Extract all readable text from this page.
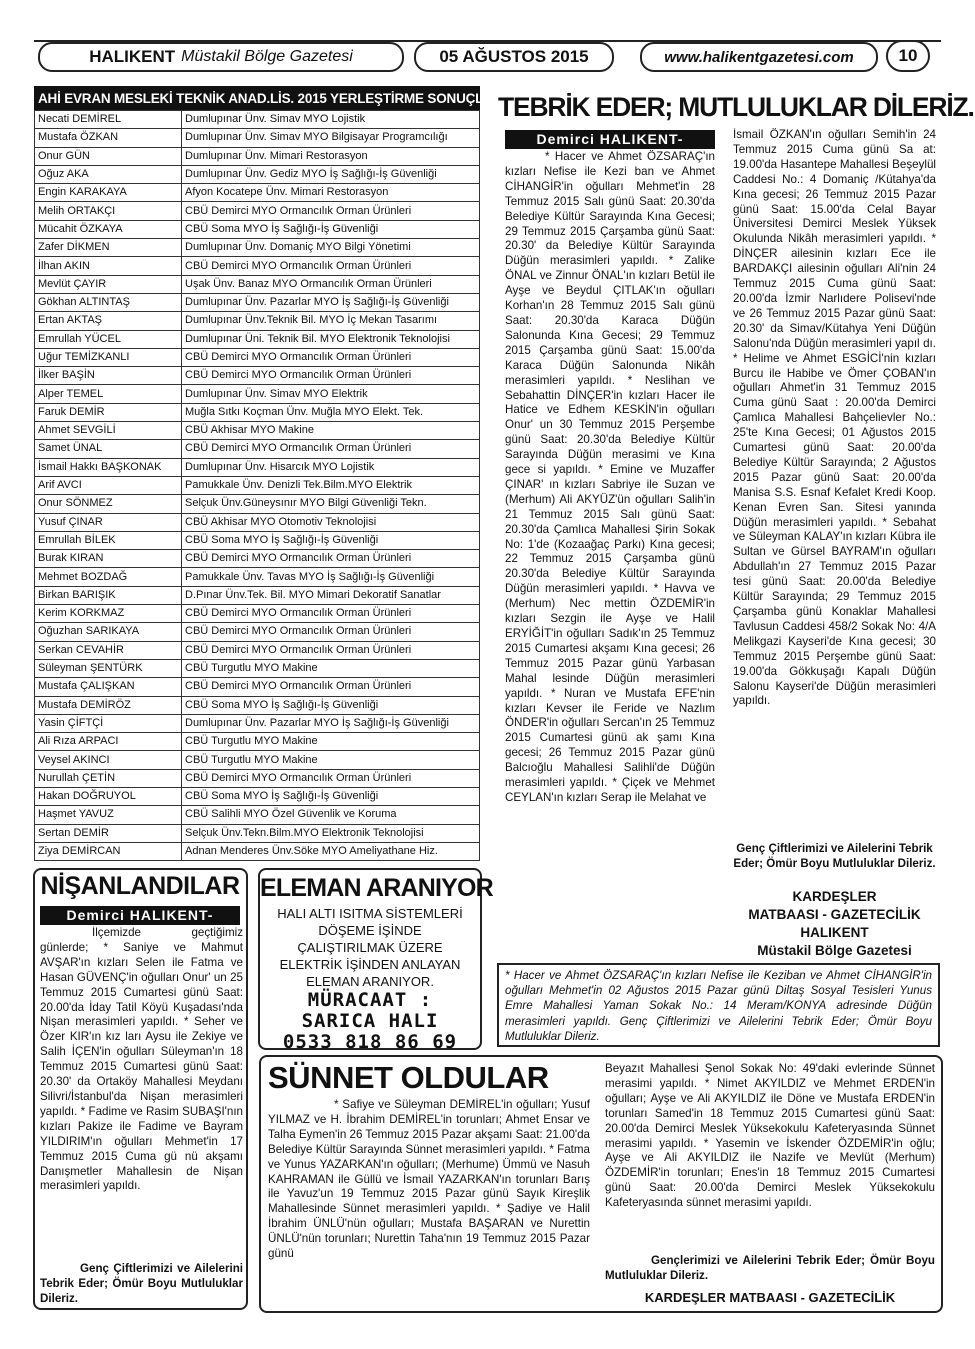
HALIKENT Müstakil Bölge Gazetesi	05 AĞUSTOS 2015	www.halikentgazetesi.com	10
AHİ EVRAN MESLEKİ TEKNİK ANAD.LİS. 2015 YERLEŞTİRME SONUÇLARI
Necati DEMİREL	Dumlupınar Ünv. Simav MYO Lojistik
Mustafa ÖZKAN	Dumlupınar Ünv. Simav MYO Bilgisayar Programcılığı
Onur GÜN	Dumlupınar Ünv. Mimari Restorasyon
Oğuz AKA	Dumlupınar Ünv. Gediz MYO İş Sağlığı-İş Güvenliği
Engin KARAKAYA	Afyon Kocatepe Ünv. Mimari Restorasyon
Melih ORTAKÇI	CBÜ Demirci MYO Ormancılık Orman Ürünleri
Mücahit ÖZKAYA	CBÜ Soma MYO İş Sağlığı-İş Güvenliği
Zafer DİKMEN	Dumlupınar Ünv. Domaniç MYO Bilgi Yönetimi
İlhan AKIN	CBÜ Demirci MYO Ormancılık Orman Ürünleri
Mevlüt ÇAYIR	Uşak Ünv. Banaz MYO Ormancılık Orman Ürünleri
Gökhan ALTINTAŞ	Dumlupınar Ünv. Pazarlar MYO İş Sağlığı-İş Güvenliği
Ertan AKTAŞ	Dumlupınar Ünv.Teknik Bil. MYO İç Mekan Tasarımı
Emrullah YÜCEL	Dumlupınar Üni. Teknik Bil. MYO Elektronik Teknolojisi
Uğur TEMİZKANLI	CBÜ Demirci MYO Ormancılık Orman Ürünleri
İlker BAŞİN	CBÜ Demirci MYO Ormancılık Orman Ürünleri
Alper TEMEL	Dumlupınar Ünv. Simav MYO Elektrik
Faruk DEMİR	Muğla Sıtkı Koçman Ünv. Muğla MYO Elekt. Tek.
Ahmet SEVGİLİ	CBÜ Akhisar MYO Makine
Samet ÜNAL	CBÜ Demirci MYO Ormancılık Orman Ürünleri
İsmail Hakkı BAŞKONAK	Dumlupınar Ünv. Hisarcık MYO Lojistik
Arif AVCI	Pamukkale Ünv. Denizli Tek.Bilm.MYO Elektrik
Onur SÖNMEZ	Selçuk Ünv.Güneysınır MYO Bilgi Güvenliği Tekn.
Yusuf ÇINAR	CBÜ Akhisar MYO Otomotiv Teknolojisi
Emrullah BİLEK	CBÜ Soma MYO İş Sağlığı-İş Güvenliği
Burak KIRAN	CBÜ Demirci MYO Ormancılık Orman Ürünleri
Mehmet BOZDAĞ	Pamukkale Ünv. Tavas MYO İş Sağlığı-İş Güvenliği
Birkan BARIŞIK	D.Pınar Ünv.Tek. Bil. MYO Mimari Dekoratif Sanatlar
Kerim KORKMAZ	CBÜ Demirci MYO Ormancılık Orman Ürünleri
Oğuzhan SARIKAYA	CBÜ Demirci MYO Ormancılık Orman Ürünleri
Serkan CEVAHİR	CBÜ Demirci MYO Ormancılık Orman Ürünleri
Süleyman ŞENTÜRK	CBÜ Turgutlu MYO Makine
Mustafa ÇALIŞKAN	CBÜ Demirci MYO Ormancılık Orman Ürünleri
Mustafa DEMİRÖZ	CBÜ Soma MYO İş Sağlığı-İş Güvenliği
Yasin ÇİFTÇİ	Dumlupınar Ünv. Pazarlar MYO İş Sağlığı-İş Güvenliği
Ali Rıza ARPACI	CBÜ Turgutlu MYO Makine
Veysel AKINCI	CBÜ Turgutlu MYO Makine
Nurullah ÇETİN	CBÜ Demirci MYO Ormancılık Orman Ürünleri
Hakan DOĞRUYOL	CBÜ Soma MYO İş Sağlığı-İş Güvenliği
Haşmet YAVUZ	CBÜ Salihli MYO Özel Güvenlik ve Koruma
Sertan DEMİR	Selçuk Ünv.Tekn.Bilm.MYO Elektronik Teknolojisi
Ziya DEMİRCAN	Adnan Menderes Ünv.Söke MYO Ameliyathane Hiz.
TEBRİK EDER; MUTLULUKLAR DİLERİZ.
Demirci HALIKENT-
* Hacer ve Ahmet ÖZSARAÇ'ın kızları Nefise ile Kezi ban ve Ahmet CİHANGİR'in oğulları Mehmet'in 28 Temmuz 2015 Salı günü Saat: 20.30'da Belediye Kültür Sarayında Kına Gecesi; 29 Temmuz 2015 Çarşamba günü Saat: 20.30' da Belediye Kültür Sarayında Düğün merasimleri yapıldı. * Zalike ÖNAL ve Zinnur ÖNAL'ın kızları Betül ile Ayşe ve Beydul ÇITLAK'ın oğulları Korhan'ın 28 Temmuz 2015 Salı günü Saat: 20.30'da Karaca Düğün Salonunda Kına Gecesi; 29 Temmuz 2015 Çarşamba günü Saat: 15.00'da Karaca Düğün Salonunda Nikâh merasimleri yapıldı. * Neslihan ve Sebahattin DİNÇER'in kızları Hacer ile Hatice ve Edhem KESKİN'in oğulları Onur' un 30 Temmuz 2015 Perşembe günü Saat: 20.30'da Belediye Kültür Sarayında Düğün merasimi ve Kına gece si yapıldı. * Emine ve Muzaffer ÇINAR' ın kızları Sabriye ile Suzan ve (Merhum) Ali AKYÜZ'ün oğulları Salih'in 21 Temmuz 2015 Salı günü Saat: 20.30'da Çamlıca Mahallesi Şirin Sokak No: 1'de (Kozaağaç Parkı) Kına gecesi; 22 Temmuz 2015 Çarşamba günü 20.30'da Belediye Kültür Sarayında Düğün merasimleri yapıldı. * Havva ve (Merhum) Nec mettin ÖZDEMİR'in kızları Sezgin ile Ayşe ve Halil ERYİĞİT'in oğulları Sadık'ın 25 Temmuz 2015 Cumartesi akşamı Kına gecesi; 26 Temmuz 2015 Pazar günü Yarbasan Mahal lesinde Düğün merasimleri yapıldı. * Nuran ve Mustafa EFE'nin kızları Kevser ile Feride ve Nazlım ÖNDER'in oğulları Sercan'ın 25 Temmuz 2015 Cumartesi günü ak şamı Kına gecesi; 26 Temmuz 2015 Pazar günü Balcıoğlu Mahallesi Salihli'de Düğün merasimleri yapıldı. * Çiçek ve Mehmet CEYLAN'ın kızları Serap ile Melahat ve
İsmail ÖZKAN'ın oğulları Semih'in 24 Temmuz 2015 Cuma günü Sa at: 19.00'da Hasantepe Mahallesi Beşeylül Caddesi No.: 4 Domaniç /Kütahya'da Kına gecesi; 26 Temmuz 2015 Pazar günü Saat: 15.00'da Celal Bayar Üniversitesi Demirci Meslek Yüksek Okulunda Nikâh merasimleri yapıldı. * DİNÇER ailesinin kızları Ece ile BARDAKÇI ailesinin oğulları Ali'nin 24 Temmuz 2015 Cuma günü Saat: 20.00'da İzmir Narlıdere Polisevi'nde ve 26 Temmuz 2015 Pazar günü Saat: 20.30' da Simav/Kütahya Yeni Düğün Salonu'nda Düğün merasimleri yapıl dı. * Helime ve Ahmet ESGİCİ'nin kızları Burcu ile Habibe ve Ömer ÇOBAN'ın oğulları Ahmet'in 31 Temmuz 2015 Cuma günü Saat : 20.00'da Demirci Çamlıca Mahallesi Bahçelievler No.: 25'te Kına Gecesi; 01 Ağustos 2015 Cumartesi günü Saat: 20.00'da Belediye Kültür Sarayında; 2 Ağustos 2015 Pazar günü Saat: 20.00'da Manisa S.S. Esnaf Kefalet Kredi Koop. Kenan Evren San. Sitesi yanında Düğün merasimleri yapıldı. * Sebahat ve Süleyman KALAY'ın kızları Kübra ile Sultan ve Gürsel BAYRAM'ın oğulları Abdullah'ın 27 Temmuz 2015 Pazar tesi günü Saat: 20.00'da Belediye Kültür Sarayında; 29 Temmuz 2015 Çarşamba günü Konaklar Mahallesi Tavlusun Caddesi 458/2 Sokak No: 4/A Melikgazi Kayseri'de Kına gecesi; 30 Temmuz 2015 Perşembe günü Saat: 19.00'da Gökkuşağı Kapalı Düğün Salonu Kayseri'de Düğün merasimleri yapıldı.
Genç Çiftlerimizi ve Ailelerini Tebrik Eder; Ömür Boyu Mutluluklar Dileriz.
KARDEŞLER
MATBAASI - GAZETECİLİK
HALIKENT
Müstakil Bölge Gazetesi
* Hacer ve Ahmet ÖZSARAÇ'ın kızları Nefise ile Keziban ve Ahmet CİHANGİR'in oğulları Mehmet'in 02 Ağustos 2015 Pazar günü Diltaş Sosyal Tesisleri Yunus Emre Mahallesi Yaman Sokak No.: 14 Meram/KONYA adresinde Düğün merasimleri yapıldı. Genç Çiftlerimizi ve Ailelerini Tebrik Eder; Ömür Boyu Mutluluklar Dileriz.
NİŞANLANDILAR
Demirci HALIKENT-
İlçemizde geçtiğimiz günlerde; * Saniye ve Mahmut AVŞAR'ın kızları Selen ile Fatma ve Hasan GÜVENÇ'in oğulları Onur' un 25 Temmuz 2015 Cumartesi günü Saat: 20.00'da İday Tatil Köyü Kuşadası'nda Nişan merasimleri yapıldı. * Seher ve Özer KIR'ın kız ları Aysu ile Zekiye ve Salih İÇEN'in oğulları Süleyman'ın 18 Temmuz 2015 Cumartesi günü Saat: 20.30' da Ortaköy Mahallesi Meydanı Silivri/İstanbul'da Nişan merasimleri yapıldı. * Fadime ve Rasim SUBAŞI'nın kızları Pakize ile Fadime ve Bayram YILDIRIM'ın oğulları Mehmet'in 17 Temmuz 2015 Cuma gü nü akşamı Danışmetler Mahallesin de Nişan merasimleri yapıldı.
Genç Çiftlerimizi ve Ailelerini Tebrik Eder; Ömür Boyu Mutluluklar Dileriz.
ELEMAN ARANIYOR
HALI ALTI ISITMA SİSTEMLERİ
DÖŞEME İŞİNDE
ÇALIŞTIRILMAK ÜZERE
ELEKTRİK İŞİNDEN ANLAYAN
ELEMAN ARANIYOR.
MÜRACAAT :
SARICA HALI
0533 818 86 69
SÜNNET OLDULAR
* Safiye ve Süleyman DEMİREL'in oğulları; Yusuf YILMAZ ve H. İbrahim DEMİREL'in torunları; Ahmet Ensar ve Talha Eymen'in 26 Temmuz 2015 Pazar akşamı Saat: 21.00'da Belediye Kültür Sarayında Sünnet merasimleri yapıldı. * Fatma ve Yunus YAZARKAN'ın oğulları; (Merhume) Ümmü ve Nasuh KAHRAMAN ile Güllü ve İsmail YAZARKAN'ın torunları Barış ile Yavuz'un 19 Temmuz 2015 Pazar günü Sayık Kireşlik Mahallesinde Sünnet merasimleri yapıldı. * Şadiye ve Halil İbrahim ÜNLÜ'nün oğulları; Mustafa BAŞARAN ve Nurettin ÜNLÜ'nün torunları; Nurettin Taha'nın 19 Temmuz 2015 Pazar günü
Beyazıt Mahallesi Şenol Sokak No: 49'daki evlerinde Sünnet merasimi yapıldı. * Nimet AKYILDIZ ve Mehmet ERDEN'in oğulları; Ayşe ve Ali AKYILDIZ ile Döne ve Mustafa ERDEN'in torunları Samed'in 18 Temmuz 2015 Cumartesi günü Saat: 20.00'da Demirci Meslek Yüksekokulu Kafeteryasında Sünnet merasimi yapıldı. * Yasemin ve İskender ÖZDEMİR'in oğlu; Ayşe ve Ali AKYILDIZ ile Nazife ve Mevlüt (Merhum) ÖZDEMİR'in torunları; Enes'in 18 Temmuz 2015 Cumartesi günü Saat: 20.00'da Demirci Meslek Yüksekokulu Kafeteryasında sünnet merasimi yapıldı.
Gençlerimizi ve Ailelerini Tebrik Eder; Ömür Boyu Mutluluklar Dileriz.
KARDEŞLER MATBAASI - GAZETECİLİK
